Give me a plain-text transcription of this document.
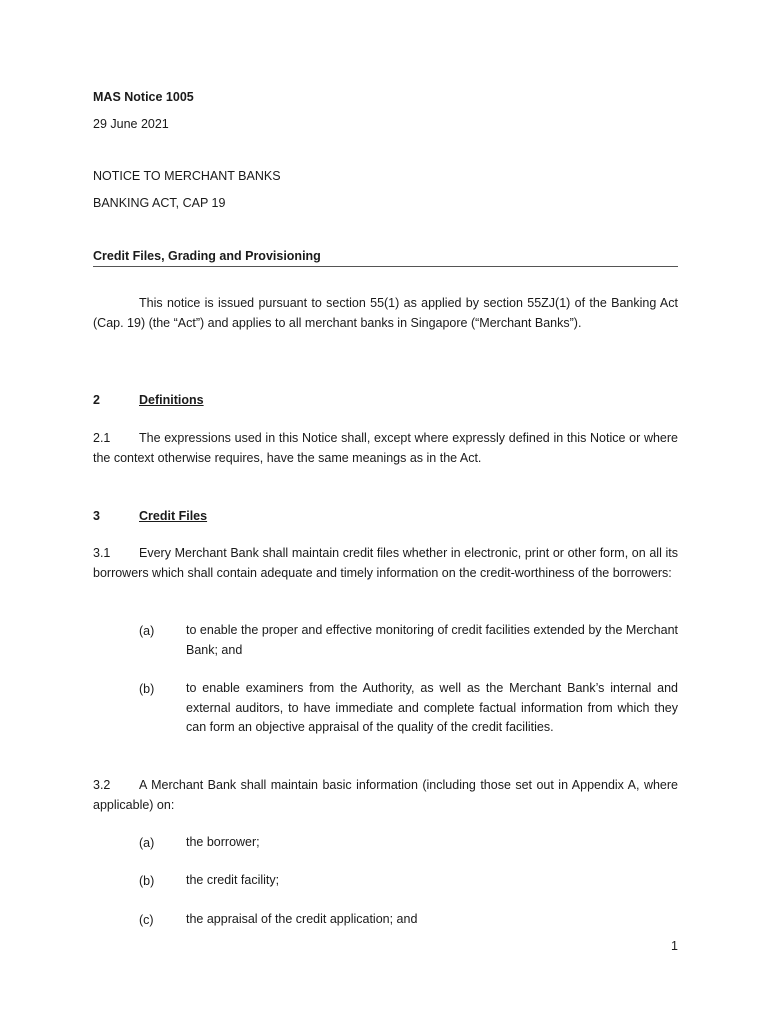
MAS Notice 1005

29 June 2021

NOTICE TO MERCHANT BANKS

BANKING ACT, CAP 19

Credit Files, Grading and Provisioning

This notice is issued pursuant to section 55(1) as applied by section 55ZJ(1) of the Banking Act (Cap. 19) (the “Act”) and applies to all merchant banks in Singapore (“Merchant Banks”).

2	Definitions
2.1 The expressions used in this Notice shall, except where expressly defined in this Notice or where the context otherwise requires, have the same meanings as in the Act.
3	Credit Files
3.1 Every Merchant Bank shall maintain credit files whether in electronic, print or other form, on all its borrowers which shall contain adequate and timely information on the credit-worthiness of the borrowers:
(a)	to enable the proper and effective monitoring of credit facilities extended by the Merchant Bank; and
(b)	to enable examiners from the Authority, as well as the Merchant Bank’s internal and external auditors, to have immediate and complete factual information from which they can form an objective appraisal of the quality of the credit facilities.
3.2 A Merchant Bank shall maintain basic information (including those set out in Appendix A, where applicable) on:
(a)	the borrower;
(b)	the credit facility;
(c)	the appraisal of the credit application; and
1
